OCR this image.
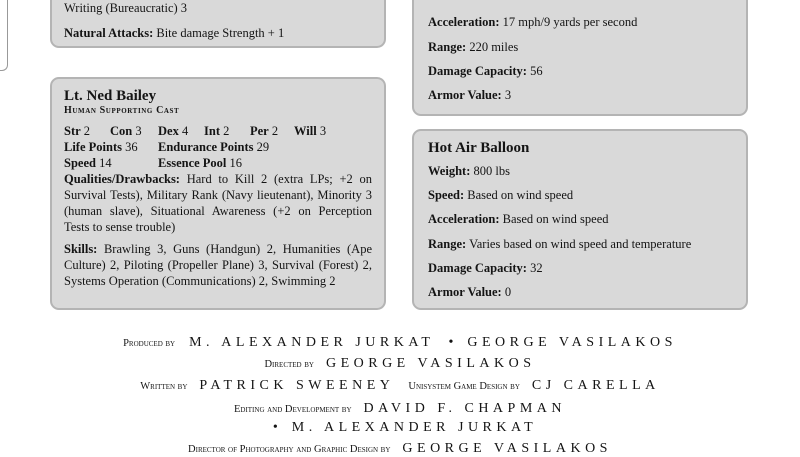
Writing (Bureaucratic) 3
Natural Attacks: Bite damage Strength + 1
Lt. Ned Bailey
Human Supporting Cast
Str 2 Con 3 Dex 4 Int 2 Per 2 Will 3
Life Points 36 Endurance Points 29
Speed 14	Essence Pool 16

Qualities/Drawbacks: Hard to Kill 2 (extra LPs; +2 on Survival Tests), Military Rank (Navy lieutenant), Minority 3 (human slave), Situational Awareness (+2 on Perception Tests to sense trouble)

Skills: Brawling 3, Guns (Handgun) 2, Humanities (Ape Culture) 2, Piloting (Propeller Plane) 3, Survival (Forest) 2, Systems Operation (Communications) 2, Swimming 2

Acceleration: 17 mph/9 yards per second
Range: 220 miles
Damage Capacity: 56
Armor Value: 3
Hot Air Balloon
Weight: 800 lbs
Speed: Based on wind speed
Acceleration: Based on wind speed
Range: Varies based on wind speed and temperature
Damage Capacity: 32
Armor Value: 0
Produced by M. ALEXANDER JURKAT • GEORGE VASILAKOS
Directed by GEORGE VASILAKOS
Written by PATRICK SWEENEY Unisystem Game Design by CJ CARELLA
Editing and Development by DAVID F. CHAPMAN
• M. ALEXANDER JURKAT
Director of Photography and Graphic Design by GEORGE VASILAKOS
